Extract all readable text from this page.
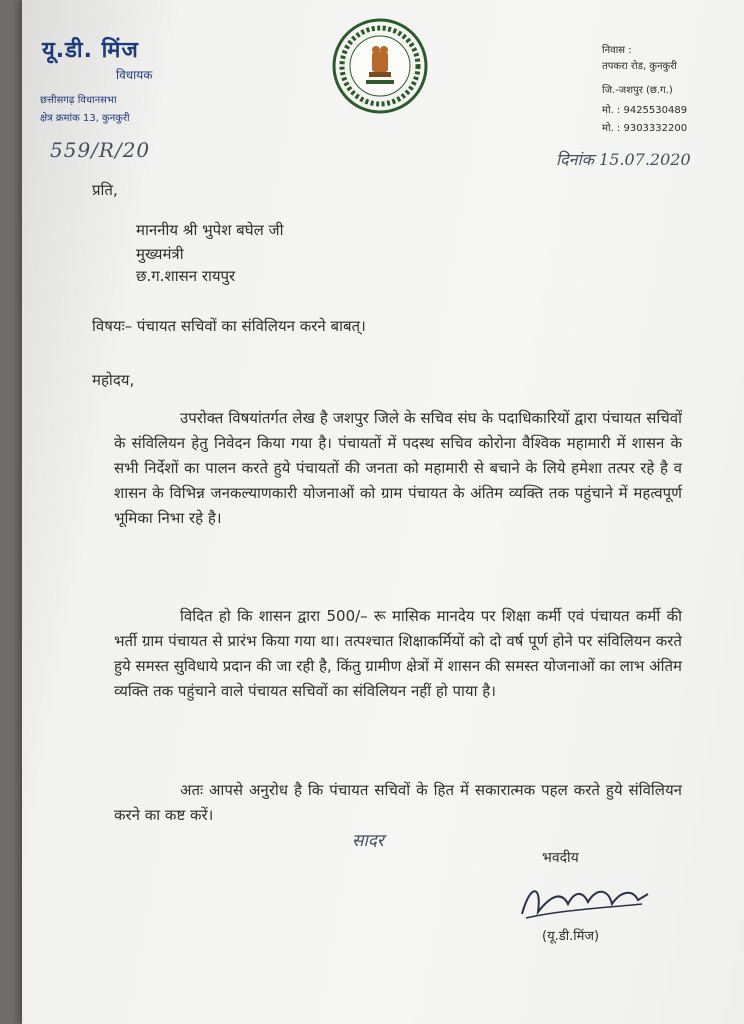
यू.डी. मिंज
विधायक
छत्तीसगढ़ विधानसभा
क्षेत्र क्रमांक 13, कुनकुरी
559/R/20
निवास :
तपकरा रोड, कुनकुरी
जि.-जशपुर (छ.ग.)
मो. : 9425530489
मो. : 9303332200
दिनांक 15.07.2020
प्रति,
माननीय श्री भुपेश बघेल जी
मुख्यमंत्री
छ.ग.शासन रायपुर
विषयः– पंचायत सचिवों का संविलियन करने बाबत्।
महोदय,
उपरोक्त विषयांतर्गत लेख है जशपुर जिले के सचिव संघ के पदाधिकारियों द्वारा पंचायत सचिवों के संविलियन हेतु निवेदन किया गया है। पंचायतों में पदस्थ सचिव कोरोना वैश्विक महामारी में शासन के सभी निर्देशों का पालन करते हुये पंचायतों की जनता को महामारी से बचाने के लिये हमेशा तत्पर रहे है व शासन के विभिन्न जनकल्याणकारी योजनाओं को ग्राम पंचायत के अंतिम व्यक्ति तक पहुंचाने में महत्वपूर्ण भूमिका निभा रहे है।
विदित हो कि शासन द्वारा 500/– रू मासिक मानदेय पर शिक्षा कर्मी एवं पंचायत कर्मी की भर्ती ग्राम पंचायत से प्रारंभ किया गया था। तत्पश्चात शिक्षाकर्मियों को दो वर्ष पूर्ण होने पर संविलियन करते हुये समस्त सुविधाये प्रदान की जा रही है, किंतु ग्रामीण क्षेत्रों में शासन की समस्त योजनाओं का लाभ अंतिम व्यक्ति तक पहुंचाने वाले पंचायत सचिवों का संविलियन नहीं हो पाया है।
अतः आपसे अनुरोध है कि पंचायत सचिवों के हित में सकारात्मक पहल करते हुये संविलियन करने का कष्ट करें।
सादर
भवदीय
(यू.डी.मिंज)
